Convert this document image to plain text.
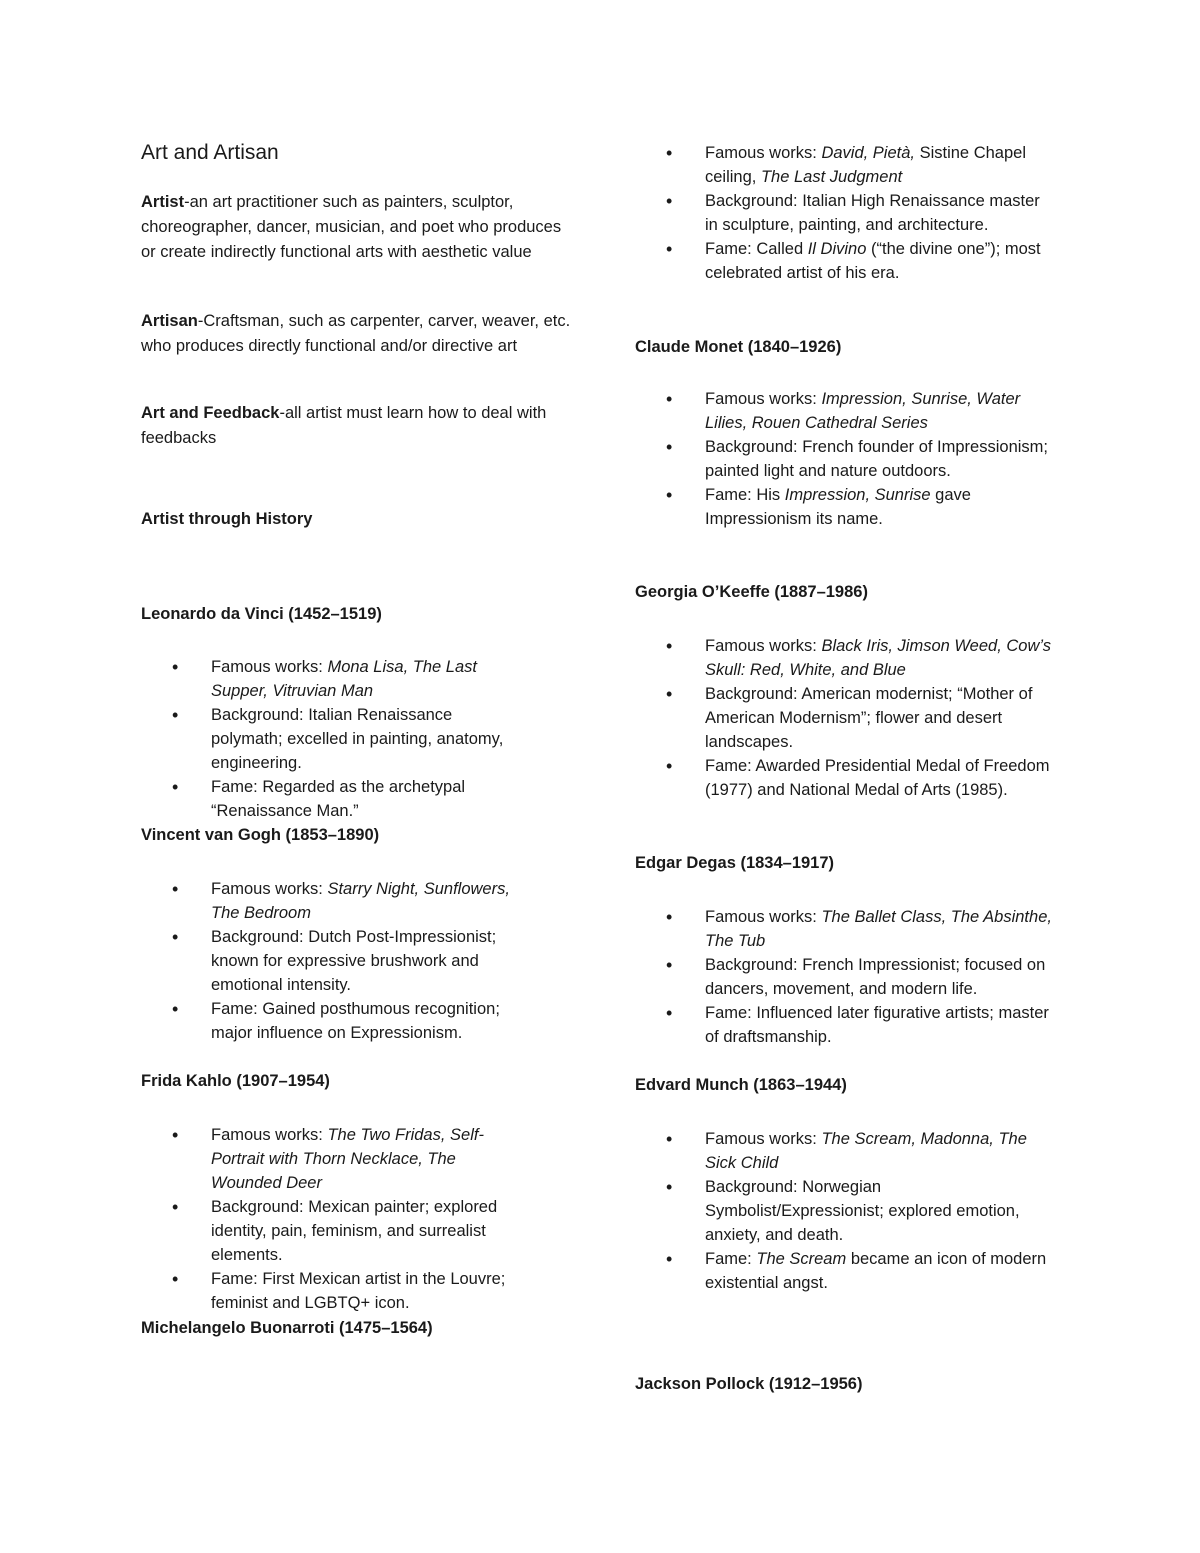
Art and Artisan

Artist-an art practitioner such as painters, sculptor, choreographer, dancer, musician, and poet who produces or create indirectly functional arts with aesthetic value

Artisan-Craftsman, such as carpenter, carver, weaver, etc. who produces directly functional and/or directive art

Art and Feedback-all artist must learn how to deal with feedbacks

Artist through History
Leonardo da Vinci (1452–1519)
• Famous works: Mona Lisa, The Last Supper, Vitruvian Man
• Background: Italian Renaissance polymath; excelled in painting, anatomy, engineering.
• Fame: Regarded as the archetypal “Renaissance Man.”
Vincent van Gogh (1853–1890)
• Famous works: Starry Night, Sunflowers, The Bedroom
• Background: Dutch Post-Impressionist; known for expressive brushwork and emotional intensity.
• Fame: Gained posthumous recognition; major influence on Expressionism.
Frida Kahlo (1907–1954)
• Famous works: The Two Fridas, Self-Portrait with Thorn Necklace, The Wounded Deer
• Background: Mexican painter; explored identity, pain, feminism, and surrealist elements.
• Fame: First Mexican artist in the Louvre; feminist and LGBTQ+ icon.
Michelangelo Buonarroti (1475–1564)
• Famous works: David, Pietà, Sistine Chapel ceiling, The Last Judgment
• Background: Italian High Renaissance master in sculpture, painting, and architecture.
• Fame: Called Il Divino (“the divine one”); most celebrated artist of his era.
Claude Monet (1840–1926)
• Famous works: Impression, Sunrise, Water Lilies, Rouen Cathedral Series
• Background: French founder of Impressionism; painted light and nature outdoors.
• Fame: His Impression, Sunrise gave Impressionism its name.
Georgia O’Keeffe (1887–1986)
• Famous works: Black Iris, Jimson Weed, Cow’s Skull: Red, White, and Blue
• Background: American modernist; “Mother of American Modernism”; flower and desert landscapes.
• Fame: Awarded Presidential Medal of Freedom (1977) and National Medal of Arts (1985).
Edgar Degas (1834–1917)
• Famous works: The Ballet Class, The Absinthe, The Tub
• Background: French Impressionist; focused on dancers, movement, and modern life.
• Fame: Influenced later figurative artists; master of draftsmanship.
Edvard Munch (1863–1944)
• Famous works: The Scream, Madonna, The Sick Child
• Background: Norwegian Symbolist/Expressionist; explored emotion, anxiety, and death.
• Fame: The Scream became an icon of modern existential angst.
Jackson Pollock (1912–1956)
